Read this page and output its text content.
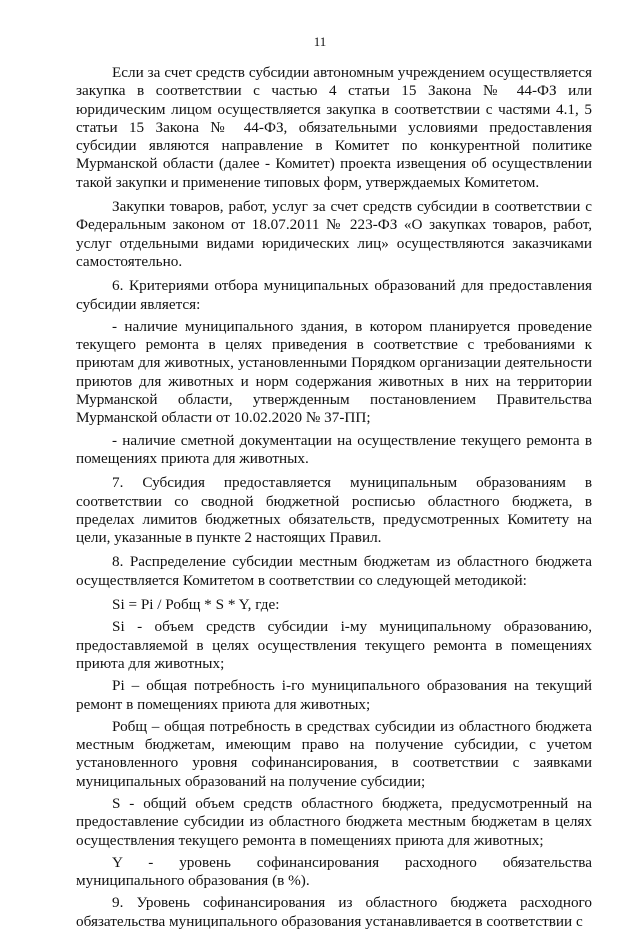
11

Если за счет средств субсидии автономным учреждением осуществляется закупка в соответствии с частью 4 статьи 15 Закона № 44-ФЗ или юридическим лицом осуществляется закупка в соответствии с частями 4.1, 5 статьи 15 Закона № 44-ФЗ, обязательными условиями предоставления субсидии являются направление в Комитет по конкурентной политике Мурманской области (далее - Комитет) проекта извещения об осуществлении такой закупки и применение типовых форм, утверждаемых Комитетом.

Закупки товаров, работ, услуг за счет средств субсидии в соответствии с Федеральным законом от 18.07.2011 № 223-ФЗ «О закупках товаров, работ, услуг отдельными видами юридических лиц» осуществляются заказчиками самостоятельно.

6. Критериями отбора муниципальных образований для предоставления субсидии является:

- наличие муниципального здания, в котором планируется проведение текущего ремонта в целях приведения в соответствие с требованиями к приютам для животных, установленными Порядком организации деятельности приютов для животных и норм содержания животных в них на территории Мурманской области, утвержденным постановлением Правительства Мурманской области от 10.02.2020 № 37-ПП;

- наличие сметной документации на осуществление текущего ремонта в помещениях приюта для животных.

7. Субсидия предоставляется муниципальным образованиям в соответствии со сводной бюджетной росписью областного бюджета, в пределах лимитов бюджетных обязательств, предусмотренных Комитету на цели, указанные в пункте 2 настоящих Правил.

8. Распределение субсидии местным бюджетам из областного бюджета осуществляется Комитетом в соответствии со следующей методикой:

Si = Pi / Робщ * S * Y, где:

Si - объем средств субсидии i-му муниципальному образованию, предоставляемой в целях осуществления текущего ремонта в помещениях приюта для животных;

Pi – общая потребность i-го муниципального образования на текущий ремонт в помещениях приюта для животных;

Робщ – общая потребность в средствах субсидии из областного бюджета местным бюджетам, имеющим право на получение субсидии, с учетом установленного уровня софинансирования, в соответствии с заявками муниципальных образований на получение субсидии;

S - общий объем средств областного бюджета, предусмотренный на предоставление субсидии из областного бюджета местным бюджетам в целях осуществления текущего ремонта в помещениях приюта для животных;

Y - уровень софинансирования расходного обязательства муниципального образования (в %).

9. Уровень софинансирования из областного бюджета расходного обязательства муниципального образования устанавливается в соответствии с
